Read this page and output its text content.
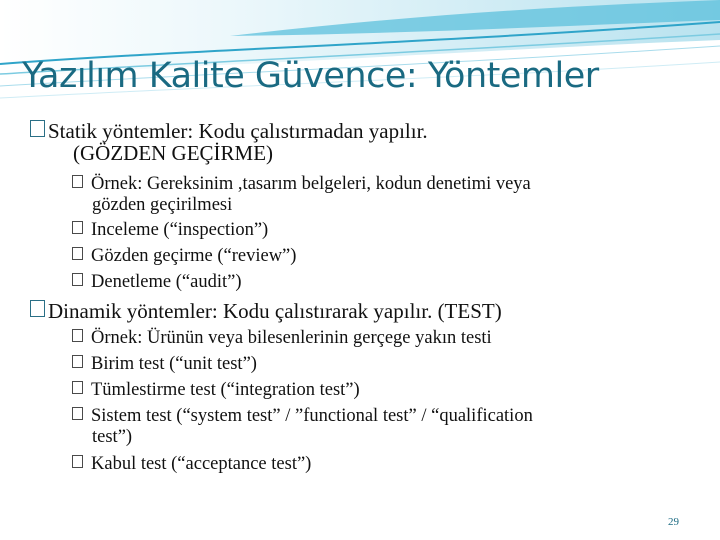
Yazılım Kalite Güvence: Yöntemler
Statik yöntemler: Kodu çalıstırmadan yapılır.
(GÖZDEN GEÇİRME)
Örnek: Gereksinim ,tasarım belgeleri, kodun denetimi veya
gözden geçirilmesi
Inceleme (“inspection”)
Gözden geçirme (“review”)
Denetleme (“audit”)
Dinamik yöntemler: Kodu çalıstırarak yapılır. (TEST)
Örnek: Ürünün veya bilesenlerinin gerçege yakın testi
Birim test (“unit test”)
Tümlestirme test (“integration test”)
Sistem test (“system test” / ”functional test” / “qualification
test”)
Kabul test (“acceptance test”)
29
